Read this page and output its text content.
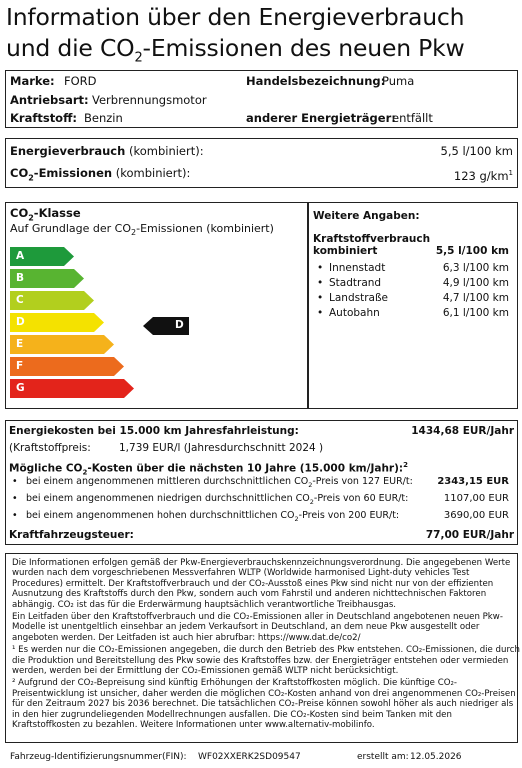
Information über den Energieverbrauch
und die $CO_2$-Emissionen des neuen Pkw
Marke: FORD	Handelsbezeichnung:
Puma
Antriebsart: Verbrennungsmotor
Kraftstoff: Benzin	anderer Energieträger:
entfällt
Energieverbrauch (kombiniert):	5,5 l/100 km
$CO_2$-Emissionen (kombiniert):	123 $g/km^1$
$CO_2$-Klasse
Auf Grundlage der $CO_2$-Emissionen (kombiniert)
A
B
C
D
E
F
G
D
Weitere Angaben:
Kraftstoffverbrauch
kombiniert	5,5 l/100 km
• Innenstadt	6,3 l/100 km
• Stadtrand	4,9 l/100 km
• Landstraße	4,7 l/100 km
• Autobahn	6,1 l/100 km
Energiekosten bei 15.000 km Jahresfahrleistung:	1434,68 EUR/Jahr
(Kraftstoffpreis:	1,739 EUR/l (Jahresdurchschnitt 2024 )
Mögliche $CO_2$-Kosten über die nächsten 10 Jahre (15.000 km/Jahr):$^2$
• bei einem angenommenen mittleren durchschnittlichen $CO_2$-Preis von 127 EUR/t: 2343,15 EUR
• bei einem angenommenen niedrigen durchschnittlichen $CO_2$-Preis von 60 EUR/t:	1107,00 EUR
• bei einem angenommenen hohen durchschnittlichen $CO_2$-Preis von 200 EUR/t:	3690,00 EUR
Kraftfahrzeugsteuer:	77,00 EUR/Jahr

Die Informationen erfolgen gemäß der Pkw-Energieverbrauchskennzeichnungsverordnung. Die angegebenen Werte wurden nach dem vorgeschriebenen Messverfahren WLTP (Worldwide harmonised Light-duty vehicles Test Procedures) ermittelt. Der Kraftstoffverbrauch und der CO₂-Ausstoß eines Pkw sind nicht nur von der effizienten Ausnutzung des Kraftstoffs durch den Pkw, sondern auch vom Fahrstil und anderen nichttechnischen Faktoren abhängig. CO₂ ist das für die Erderwärmung hauptsächlich verantwortliche Treibhausgas.

Ein Leitfaden über den Kraftstoffverbrauch und die CO₂-Emissionen aller in Deutschland angebotenen neuen Pkw-Modelle ist unentgeltlich einsehbar an jedem Verkaufsort in Deutschland, an dem neue Pkw ausgestellt oder angeboten werden. Der Leitfaden ist auch hier abrufbar: https://www.dat.de/co2/

¹ Es werden nur die CO₂-Emissionen angegeben, die durch den Betrieb des Pkw entstehen. CO₂-Emissionen, die durch die Produktion und Bereitstellung des Pkw sowie des Kraftstoffes bzw. der Energieträger entstehen oder vermieden werden, werden bei der Ermittlung der CO₂-Emissionen gemäß WLTP nicht berücksichtigt.

² Aufgrund der CO₂-Bepreisung sind künftig Erhöhungen der Kraftstoffkosten möglich. Die künftige CO₂-Preisentwicklung ist unsicher, daher werden die möglichen CO₂-Kosten anhand von drei angenommenen CO₂-Preisen für den Zeitraum 2027 bis 2036 berechnet. Die tatsächlichen CO₂-Preise können sowohl höher als auch niedriger als in den hier zugrundeliegenden Modellrechnungen ausfallen. Die CO₂-Kosten sind beim Tanken mit den Kraftstoffkosten zu bezahlen. Weitere Informationen unter www.alternativ-mobilinfo.

Fahrzeug-Identifizierungsnummer(FIN): WF02XXERK2SD09547	erstellt am: 12.05.2026
